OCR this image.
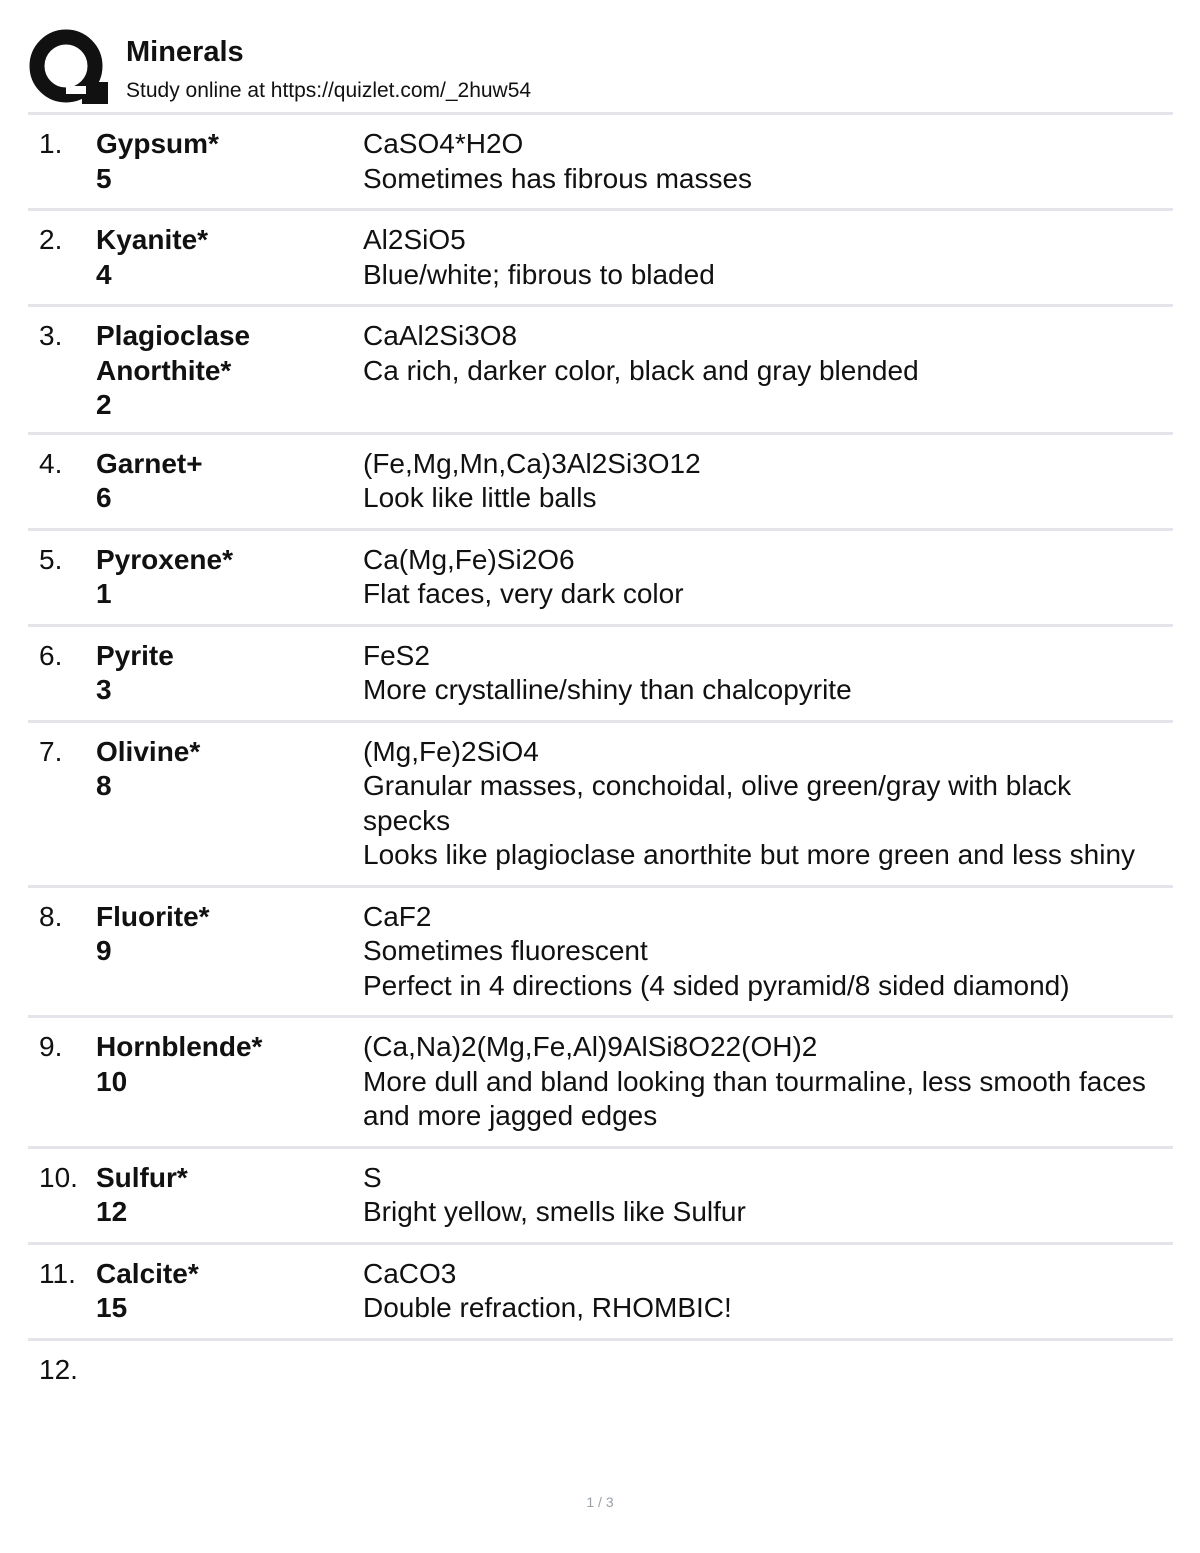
Minerals
Study online at https://quizlet.com/_2huw54
1. Gypsum*
5
CaSO4*H2O
Sometimes has fibrous masses
2. Kyanite*
4
Al2SiO5
Blue/white; fibrous to bladed
3. Plagioclase
Anorthite*
2
CaAl2Si3O8
Ca rich, darker color, black and gray blended
4. Garnet+
6
(Fe,Mg,Mn,Ca)3Al2Si3O12
Look like little balls
5. Pyroxene*
1
Ca(Mg,Fe)Si2O6
Flat faces, very dark color
6. Pyrite
3
FeS2
More crystalline/shiny than chalcopyrite
7. Olivine*
8
(Mg,Fe)2SiO4
Granular masses, conchoidal, olive green/gray with black specks
Looks like plagioclase anorthite but more green and less shiny
8. Fluorite*
9
CaF2
Sometimes fluorescent
Perfect in 4 directions (4 sided pyramid/8 sided diamond)
9. Hornblende*
10
(Ca,Na)2(Mg,Fe,Al)9AlSi8O22(OH)2
More dull and bland looking than tourmaline, less smooth faces and more jagged edges
10. Sulfur*
12
S
Bright yellow, smells like Sulfur
11. Calcite*
15
CaCO3
Double refraction, RHOMBIC!
12.
1 / 3
